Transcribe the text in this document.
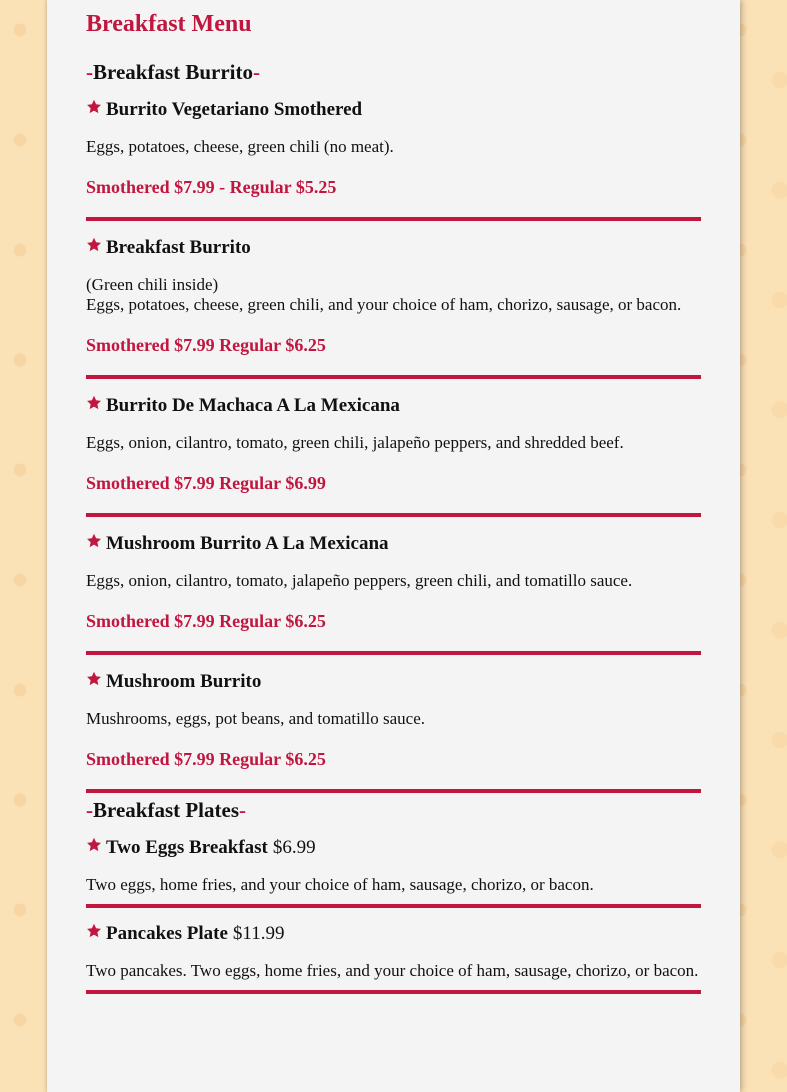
Breakfast Menu
-Breakfast Burrito-
Burrito Vegetariano Smothered
Eggs, potatoes, cheese, green chili (no meat).
Smothered $7.99 - Regular $5.25
Breakfast Burrito
(Green chili inside)
Eggs, potatoes, cheese, green chili, and your choice of ham, chorizo, sausage, or bacon.
Smothered $7.99 Regular $6.25
Burrito De Machaca A La Mexicana
Eggs, onion, cilantro, tomato, green chili, jalapeño peppers, and shredded beef.
Smothered $7.99 Regular $6.99
Mushroom Burrito A La Mexicana
Eggs, onion, cilantro, tomato, jalapeño peppers, green chili, and tomatillo sauce.
Smothered $7.99 Regular $6.25
Mushroom Burrito
Mushrooms, eggs, pot beans, and tomatillo sauce.
Smothered $7.99 Regular $6.25
-Breakfast Plates-
Two Eggs Breakfast $6.99
Two eggs, home fries, and your choice of ham, sausage, chorizo, or bacon.
Pancakes Plate $11.99
Two pancakes. Two eggs, home fries, and your choice of ham, sausage, chorizo, or bacon.
